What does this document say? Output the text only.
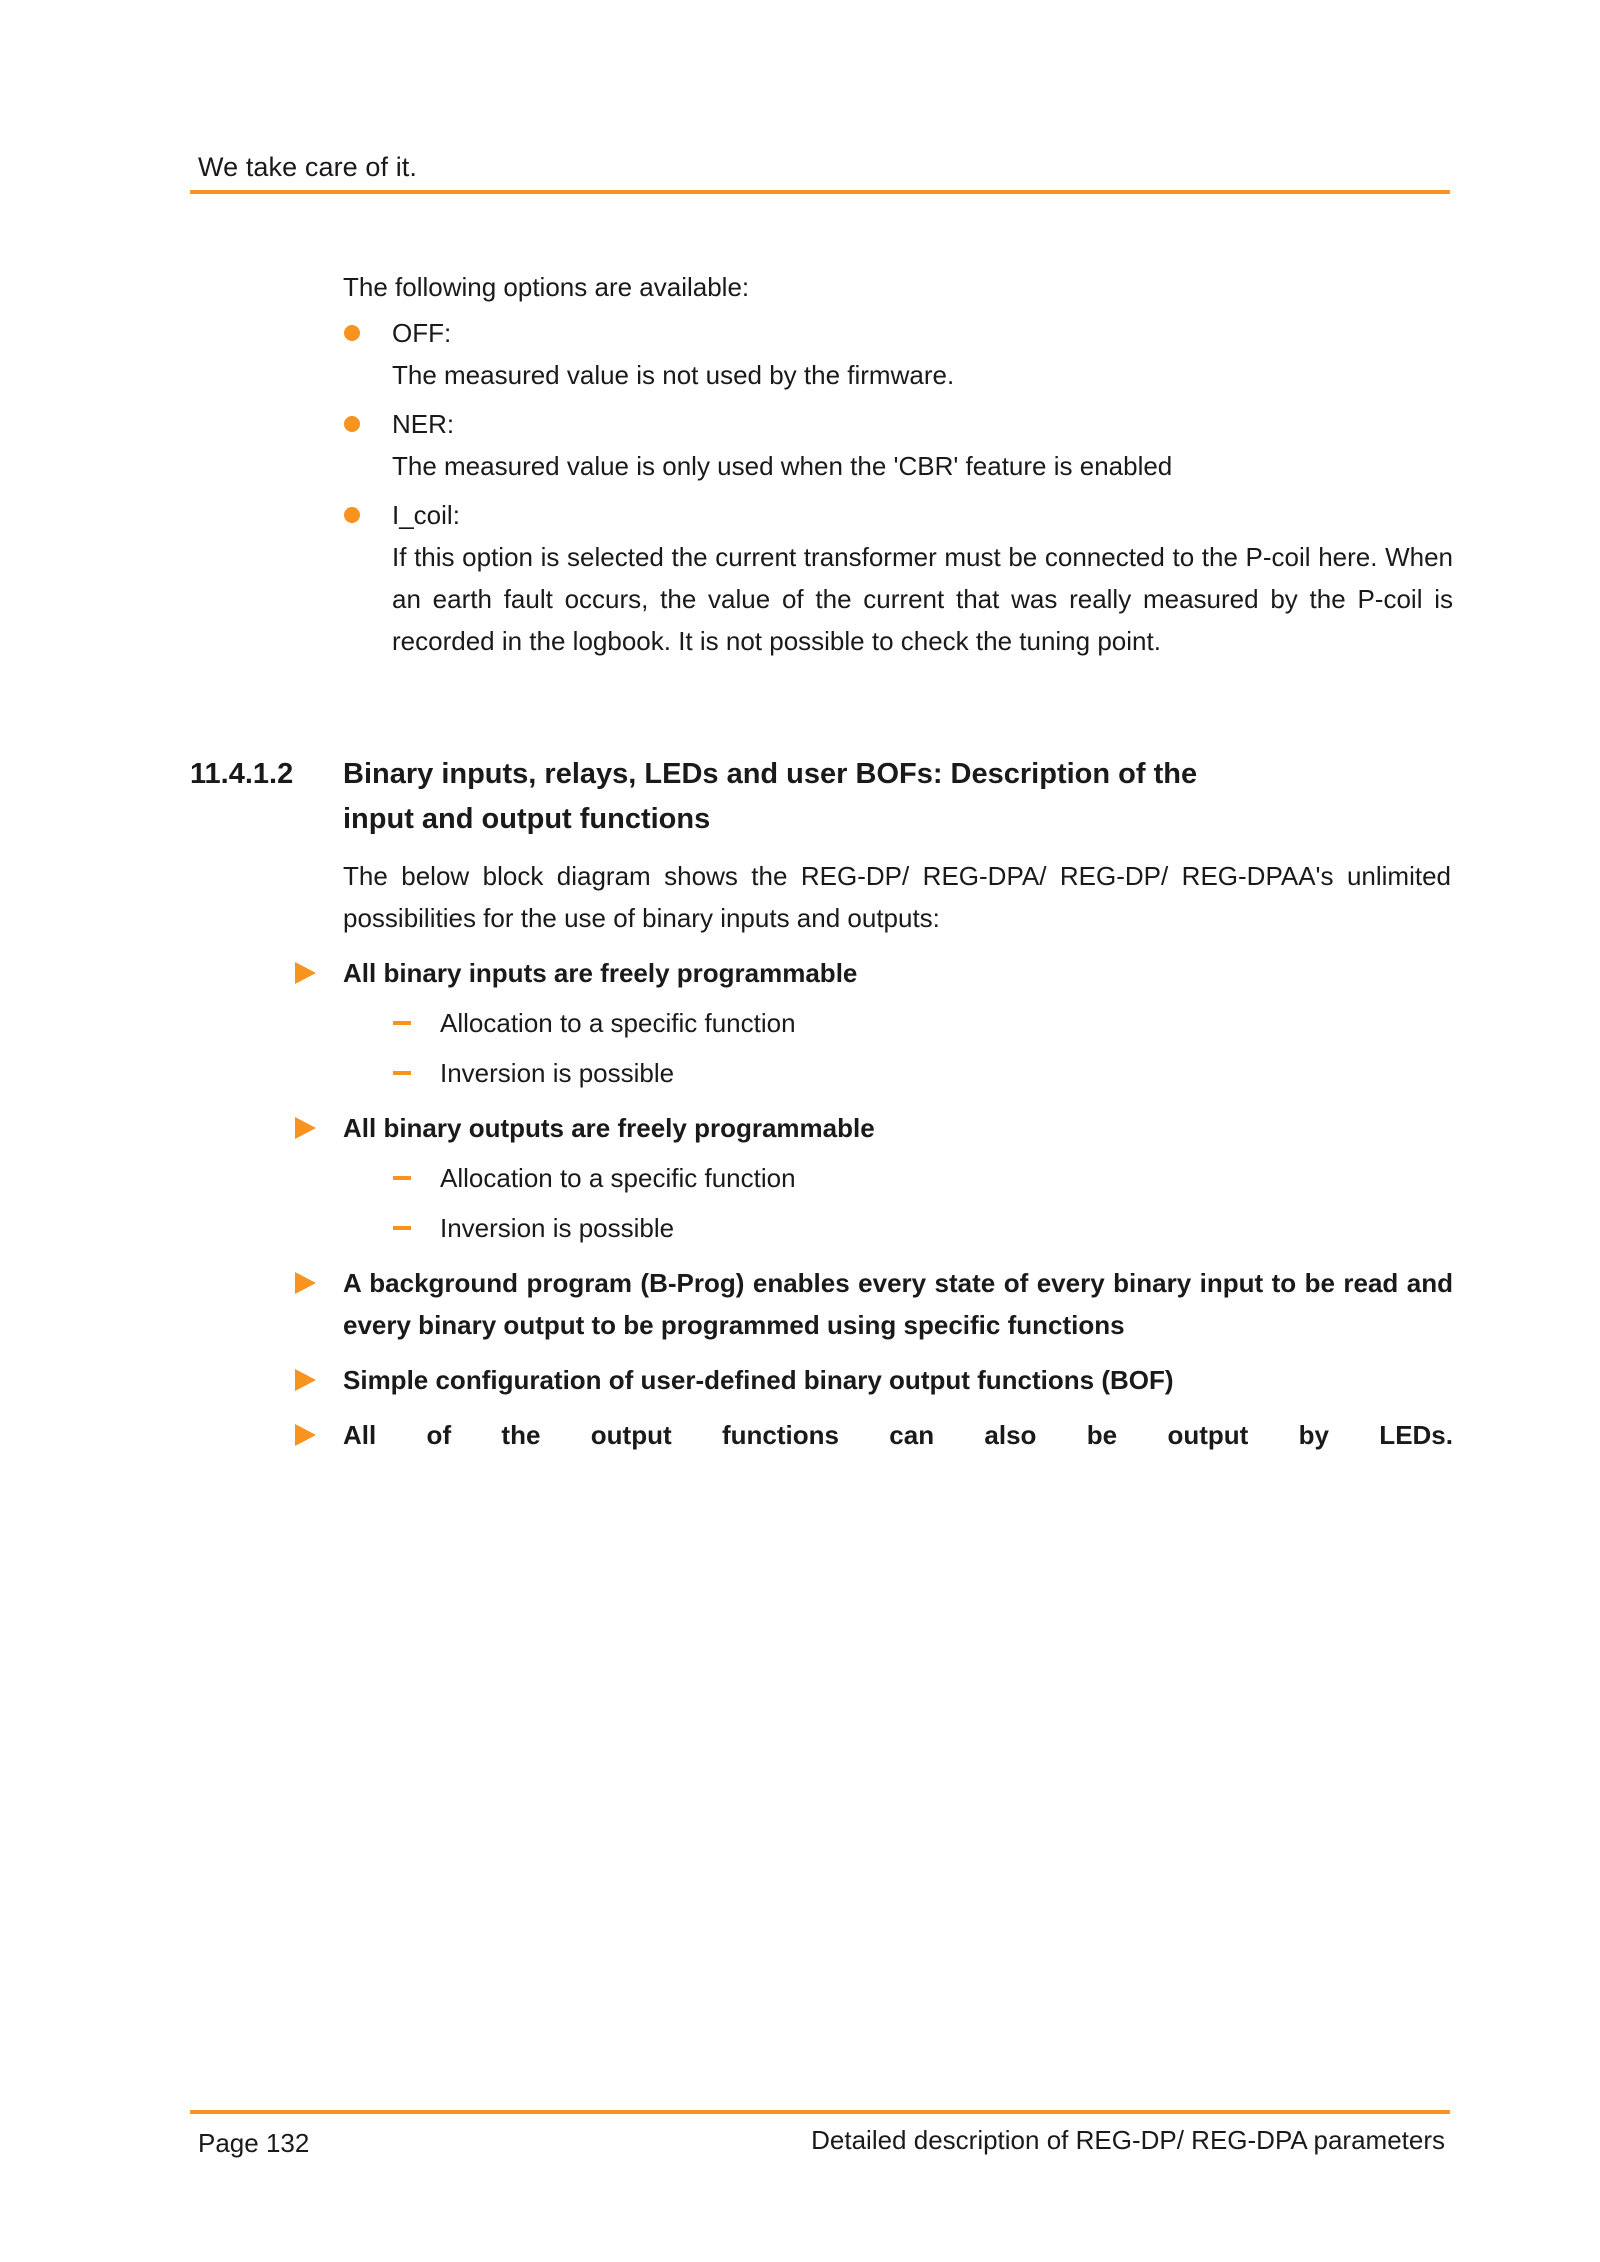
We take care of it.
The following options are available:
OFF:
The measured value is not used by the firmware.
NER:
The measured value is only used when the 'CBR' feature is enabled
I_coil:
If this option is selected the current transformer must be connected to the P-coil here. When an earth fault occurs, the value of the current that was really measured by the P-coil is recorded in the logbook. It is not possible to check the tuning point.
11.4.1.2 Binary inputs, relays, LEDs and user BOFs: Description of the input and output functions
The below block diagram shows the REG-DP/ REG-DPA/ REG-DP/ REG-DPAA's unlimited possibilities for the use of binary inputs and outputs:
All binary inputs are freely programmable
Allocation to a specific function
Inversion is possible
All binary outputs are freely programmable
Allocation to a specific function
Inversion is possible
A background program (B-Prog) enables every state of every binary input to be read and every binary output to be programmed using specific functions
Simple configuration of user-defined binary output functions (BOF)
All of the output functions can also be output by LEDs.
Page 132	Detailed description of REG-DP/ REG-DPA parameters
